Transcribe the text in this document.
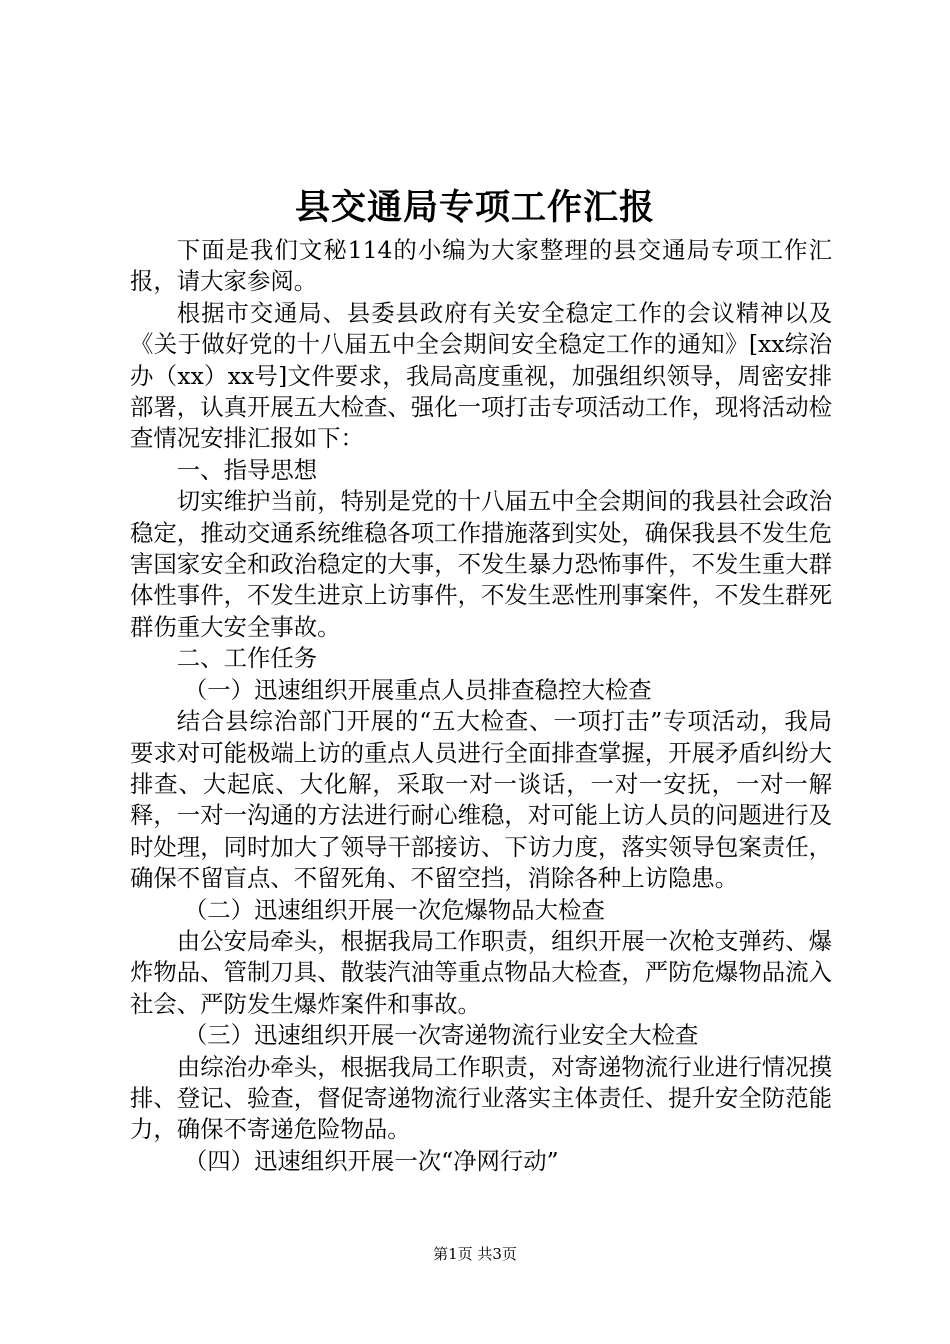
县交通局专项工作汇报

下面是我们文秘114的小编为大家整理的县交通局专项工作汇报，请大家参阅。

根据市交通局、县委县政府有关安全稳定工作的会议精神以及《关于做好党的十八届五中全会期间安全稳定工作的通知》[xx综治办（xx）xx号]文件要求，我局高度重视，加强组织领导，周密安排部署，认真开展五大检查、强化一项打击专项活动工作，现将活动检查情况安排汇报如下：

一、指导思想

切实维护当前，特别是党的十八届五中全会期间的我县社会政治稳定，推动交通系统维稳各项工作措施落到实处，确保我县不发生危害国家安全和政治稳定的大事，不发生暴力恐怖事件，不发生重大群体性事件，不发生进京上访事件，不发生恶性刑事案件，不发生群死群伤重大安全事故。

二、工作任务

（一）迅速组织开展重点人员排查稳控大检查

结合县综治部门开展的“五大检查、一项打击”专项活动，我局要求对可能极端上访的重点人员进行全面排查掌握，开展矛盾纠纷大排查、大起底、大化解，采取一对一谈话，一对一安抚，一对一解释，一对一沟通的方法进行耐心维稳，对可能上访人员的问题进行及时处理，同时加大了领导干部接访、下访力度，落实领导包案责任，确保不留盲点、不留死角、不留空挡，消除各种上访隐患。

（二）迅速组织开展一次危爆物品大检查

由公安局牵头，根据我局工作职责，组织开展一次枪支弹药、爆炸物品、管制刀具、散装汽油等重点物品大检查，严防危爆物品流入社会、严防发生爆炸案件和事故。

（三）迅速组织开展一次寄递物流行业安全大检查

由综治办牵头，根据我局工作职责，对寄递物流行业进行情况摸排、登记、验查，督促寄递物流行业落实主体责任、提升安全防范能力，确保不寄递危险物品。

（四）迅速组织开展一次“净网行动”

第1页 共3页
